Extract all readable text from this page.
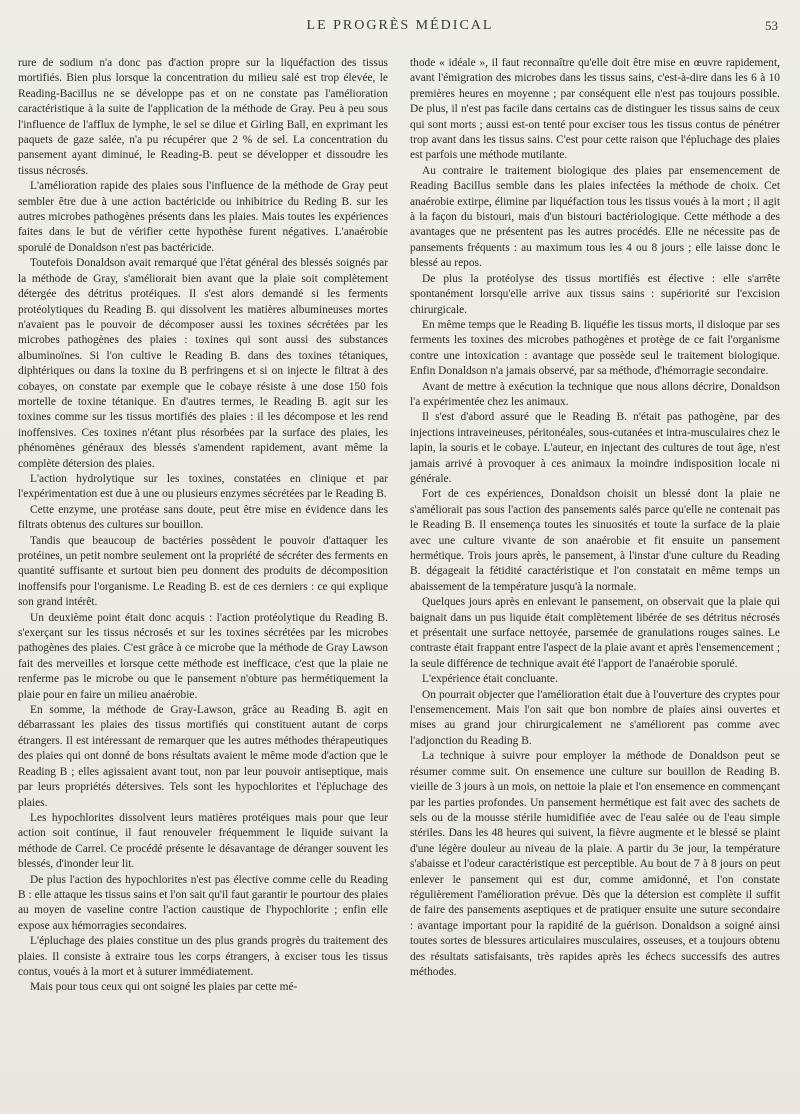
LE PROGRÈS MÉDICAL	53

rure de sodium n'a donc pas d'action propre sur la liquéfaction des tissus mortifiés. Bien plus lorsque la concentration du milieu salé est trop élevée, le Reading-Bacillus ne se développe pas et on ne constate pas l'amélioration caractéristique à la suite de l'application de la méthode de Gray. Peu à peu sous l'influence de l'afflux de lymphe, le sel se dilue et Girling Ball, en exprimant les paquets de gaze salée, n'a pu récupérer que 2 % de sel. La concentration du pansement ayant diminué, le Reading-B. peut se développer et dissoudre les tissus nécrosés.

L'amélioration rapide des plaies sous l'influence de la méthode de Gray peut sembler être due à une action bactéricide ou inhibitrice du Reding B. sur les autres microbes pathogènes présents dans les plaies. Mais toutes les expériences faites dans le but de vérifier cette hypothèse furent négatives. L'anaérobie sporulé de Donaldson n'est pas bactéricide.

Toutefois Donaldson avait remarqué que l'état général des blessés soignés par la méthode de Gray, s'améliorait bien avant que la plaie soit complètement détergée des détritus protéiques. Il s'est alors demandé si les ferments protéolytiques du Reading B. qui dissolvent les matières albumineuses mortes n'avaient pas le pouvoir de décomposer aussi les toxines sécrétées par les microbes pathogènes des plaies : toxines qui sont aussi des substances albuminoïnes. Si l'on cultive le Reading B. dans des toxines tétaniques, diphtériques ou dans la toxine du B perfringens et si on injecte le filtrat à des cobayes, on constate par exemple que le cobaye résiste à une dose 150 fois mortelle de toxine tétanique. En d'autres termes, le Reading B. agit sur les toxines comme sur les tissus mortifiés des plaies : il les décompose et les rend inoffensives. Ces toxines n'étant plus résorbées par la surface des plaies, les phénomènes généraux des blessés s'amendent rapidement, avant même la complète détersion des plaies.

L'action hydrolytique sur les toxines, constatées en clinique et par l'expérimentation est due à une ou plusieurs enzymes sécrétées par le Reading B.

Cette enzyme, une protéase sans doute, peut être mise en évidence dans les filtrats obtenus des cultures sur bouillon.

Tandis que beaucoup de bactéries possèdent le pouvoir d'attaquer les protéines, un petit nombre seulement ont la propriété de sécréter des ferments en quantité suffisante et surtout bien peu donnent des produits de décomposition inoffensifs pour l'organisme. Le Reading B. est de ces derniers : ce qui explique son grand intérêt.

Un deuxième point était donc acquis : l'action protéolytique du Reading B. s'exerçant sur les tissus nécrosés et sur les toxines sécrétées par les microbes pathogènes des plaies. C'est grâce à ce microbe que la méthode de Gray Lawson fait des merveilles et lorsque cette méthode est inefficace, c'est que la plaie ne renferme pas le microbe ou que le pansement n'obture pas hermétiquement la plaie pour en faire un milieu anaérobie.

En somme, la méthode de Gray-Lawson, grâce au Reading B. agit en débarrassant les plaies des tissus mortifiés qui constituent autant de corps étrangers. Il est intéressant de remarquer que les autres méthodes thérapeutiques des plaies qui ont donné de bons résultats avaient le même mode d'action que le Reading B ; elles agissaient avant tout, non par leur pouvoir antiseptique, mais par leurs propriétés détersives. Tels sont les hypochlorites et l'épluchage des plaies.

Les hypochlorites dissolvent leurs matières protéiques mais pour que leur action soit continue, il faut renouveler fréquemment le liquide suivant la méthode de Carrel. Ce procédé présente le désavantage de déranger souvent les blessés, d'inonder leur lit.

De plus l'action des hypochlorites n'est pas élective comme celle du Reading B : elle attaque les tissus sains et l'on sait qu'il faut garantir le pourtour des plaies au moyen de vaseline contre l'action caustique de l'hypochlorite ; enfin elle expose aux hémorragies secondaires.

L'épluchage des plaies constitue un des plus grands progrès du traitement des plaies. Il consiste à extraire tous les corps étrangers, à exciser tous les tissus contus, voués à la mort et à suturer immédiatement.

Mais pour tous ceux qui ont soigné les plaies par cette mé-

thode « idéale », il faut reconnaître qu'elle doit être mise en œuvre rapidement, avant l'émigration des microbes dans les tissus sains, c'est-à-dire dans les 6 à 10 premières heures en moyenne ; par conséquent elle n'est pas toujours possible. De plus, il n'est pas facile dans certains cas de distinguer les tissus sains de ceux qui sont morts ; aussi est-on tenté pour exciser tous les tissus contus de pénétrer trop avant dans les tissus sains. C'est pour cette raison que l'épluchage des plaies est parfois une méthode mutilante.

Au contraire le traitement biologique des plaies par ensemencement de Reading Bacillus semble dans les plaies infectées la méthode de choix. Cet anaérobie extirpe, élimine par liquéfaction tous les tissus voués à la mort ; il agit à la façon du bistouri, mais d'un bistouri bactériologique. Cette méthode a des avantages que ne présentent pas les autres procédés. Elle ne nécessite pas de pansements fréquents : au maximum tous les 4 ou 8 jours ; elle laisse donc le blessé au repos.

De plus la protéolyse des tissus mortifiés est élective : elle s'arrête spontanément lorsqu'elle arrive aux tissus sains : supériorité sur l'excision chirurgicale.

En même temps que le Reading B. liquéfie les tissus morts, il disloque par ses ferments les toxines des microbes pathogènes et protège de ce fait l'organisme contre une intoxication : avantage que possède seul le traitement biologique. Enfin Donaldson n'a jamais observé, par sa méthode, d'hémorragie secondaire.

Avant de mettre à exécution la technique que nous allons décrire, Donaldson l'a expérimentée chez les animaux.

Il s'est d'abord assuré que le Reading B. n'était pas pathogène, par des injections intraveineuses, péritonéales, sous-cutanées et intra-musculaires chez le lapin, la souris et le cobaye. L'auteur, en injectant des cultures de tout âge, n'est jamais arrivé à provoquer à ces animaux la moindre indisposition locale ni générale.

Fort de ces expériences, Donaldson choisit un blessé dont la plaie ne s'améliorait pas sous l'action des pansements salés parce qu'elle ne contenait pas le Reading B. Il ensemença toutes les sinuosités et toute la surface de la plaie avec une culture vivante de son anaérobie et fit ensuite un pansement hermétique. Trois jours après, le pansement, à l'instar d'une culture du Reading B. dégageait la fétidité caractéristique et l'on constatait en même temps un abaissement de la température jusqu'à la normale.

Quelques jours après en enlevant le pansement, on observait que la plaie qui baignait dans un pus liquide était complètement libérée de ses détritus nécrosés et présentait une surface nettoyée, parsemée de granulations rouges saines. Le contraste était frappant entre l'aspect de la plaie avant et après l'ensemencement ; la seule différence de technique avait été l'apport de l'anaérobie sporulé.

L'expérience était concluante.

On pourrait objecter que l'amélioration était due à l'ouverture des cryptes pour l'ensemencement. Mais l'on sait que bon nombre de plaies ainsi ouvertes et mises au grand jour chirurgicalement ne s'améliorent pas comme avec l'adjonction du Reading B.

La technique à suivre pour employer la méthode de Donaldson peut se résumer comme suit. On ensemence une culture sur bouillon de Reading B. vieille de 3 jours à un mois, on nettoie la plaie et l'on ensemence en commençant par les parties profondes. Un pansement hermétique est fait avec des sachets de sels ou de la mousse stérile humidifiée avec de l'eau salée ou de l'eau simple stériles. Dans les 48 heures qui suivent, la fièvre augmente et le blessé se plaint d'une légère douleur au niveau de la plaie. A partir du 3e jour, la température s'abaisse et l'odeur caractéristique est perceptible. Au bout de 7 à 8 jours on peut enlever le pansement qui est dur, comme amidonné, et l'on constate régulièrement l'amélioration prévue. Dès que la détersion est complète il suffit de faire des pansements aseptiques et de pratiquer ensuite une suture secondaire : avantage important pour la rapidité de la guérison. Donaldson a soigné ainsi toutes sortes de blessures articulaires musculaires, osseuses, et a toujours obtenu des résultats satisfaisants, très rapides après les échecs successifs des autres méthodes.
